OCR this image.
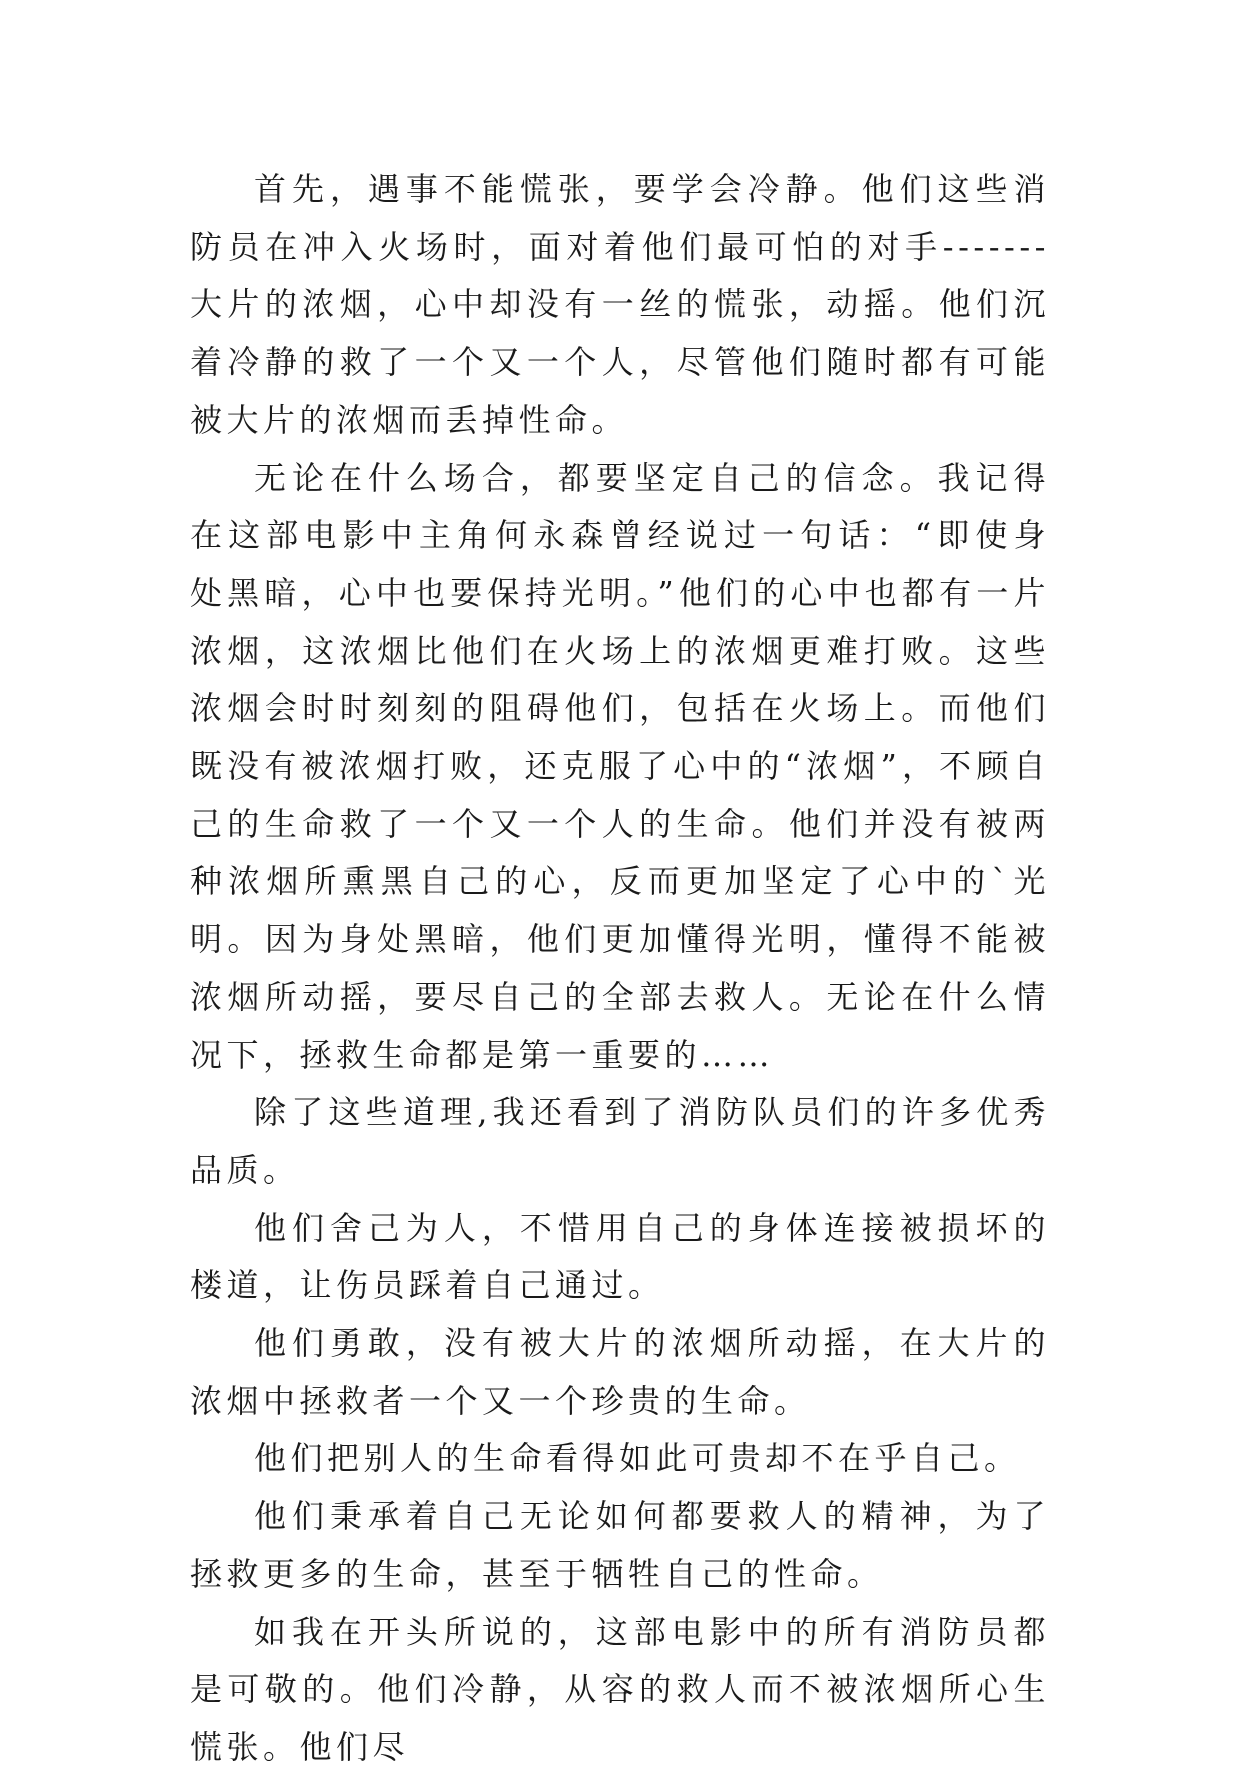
首先，遇事不能慌张，要学会冷静。他们这些消防员在冲入火场时，面对着他们最可怕的对手-------大片的浓烟，心中却没有一丝的慌张，动摇。他们沉着冷静的救了一个又一个人，尽管他们随时都有可能被大片的浓烟而丢掉性命。

无论在什么场合，都要坚定自己的信念。我记得在这部电影中主角何永森曾经说过一句话：“即使身处黑暗，心中也要保持光明。”他们的心中也都有一片浓烟，这浓烟比他们在火场上的浓烟更难打败。这些浓烟会时时刻刻的阻碍他们，包括在火场上。而他们既没有被浓烟打败，还克服了心中的“浓烟”，不顾自己的生命救了一个又一个人的生命。他们并没有被两种浓烟所熏黑自己的心，反而更加坚定了心中的`光明。因为身处黑暗，他们更加懂得光明，懂得不能被浓烟所动摇，要尽自己的全部去救人。无论在什么情况下，拯救生命都是第一重要的……

除了这些道理,我还看到了消防队员们的许多优秀品质。

他们舍己为人，不惜用自己的身体连接被损坏的楼道，让伤员踩着自己通过。

他们勇敢，没有被大片的浓烟所动摇，在大片的浓烟中拯救者一个又一个珍贵的生命。

他们把别人的生命看得如此可贵却不在乎自己。

他们秉承着自己无论如何都要救人的精神，为了拯救更多的生命，甚至于牺牲自己的性命。

如我在开头所说的，这部电影中的所有消防员都是可敬的。他们冷静，从容的救人而不被浓烟所心生慌张。他们尽
